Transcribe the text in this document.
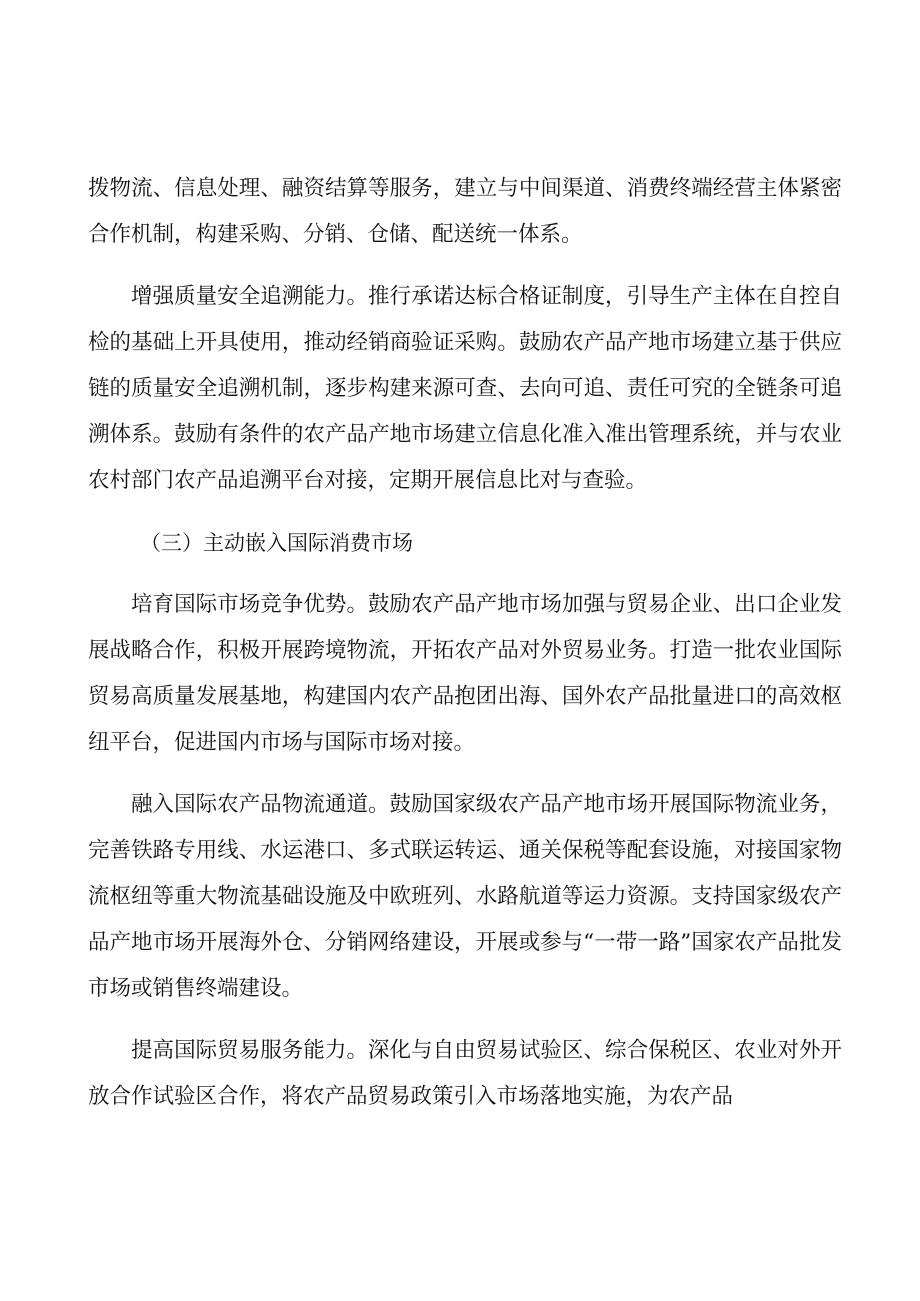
拨物流、信息处理、融资结算等服务，建立与中间渠道、消费终端经营主体紧密合作机制，构建采购、分销、仓储、配送统一体系。

增强质量安全追溯能力。推行承诺达标合格证制度，引导生产主体在自控自检的基础上开具使用，推动经销商验证采购。鼓励农产品产地市场建立基于供应链的质量安全追溯机制，逐步构建来源可查、去向可追、责任可究的全链条可追溯体系。鼓励有条件的农产品产地市场建立信息化准入准出管理系统，并与农业农村部门农产品追溯平台对接，定期开展信息比对与查验。

（三）主动嵌入国际消费市场

培育国际市场竞争优势。鼓励农产品产地市场加强与贸易企业、出口企业发展战略合作，积极开展跨境物流，开拓农产品对外贸易业务。打造一批农业国际贸易高质量发展基地，构建国内农产品抱团出海、国外农产品批量进口的高效枢纽平台，促进国内市场与国际市场对接。

融入国际农产品物流通道。鼓励国家级农产品产地市场开展国际物流业务，完善铁路专用线、水运港口、多式联运转运、通关保税等配套设施，对接国家物流枢纽等重大物流基础设施及中欧班列、水路航道等运力资源。支持国家级农产品产地市场开展海外仓、分销网络建设，开展或参与“一带一路”国家农产品批发市场或销售终端建设。

提高国际贸易服务能力。深化与自由贸易试验区、综合保税区、农业对外开放合作试验区合作，将农产品贸易政策引入市场落地实施，为农产品
